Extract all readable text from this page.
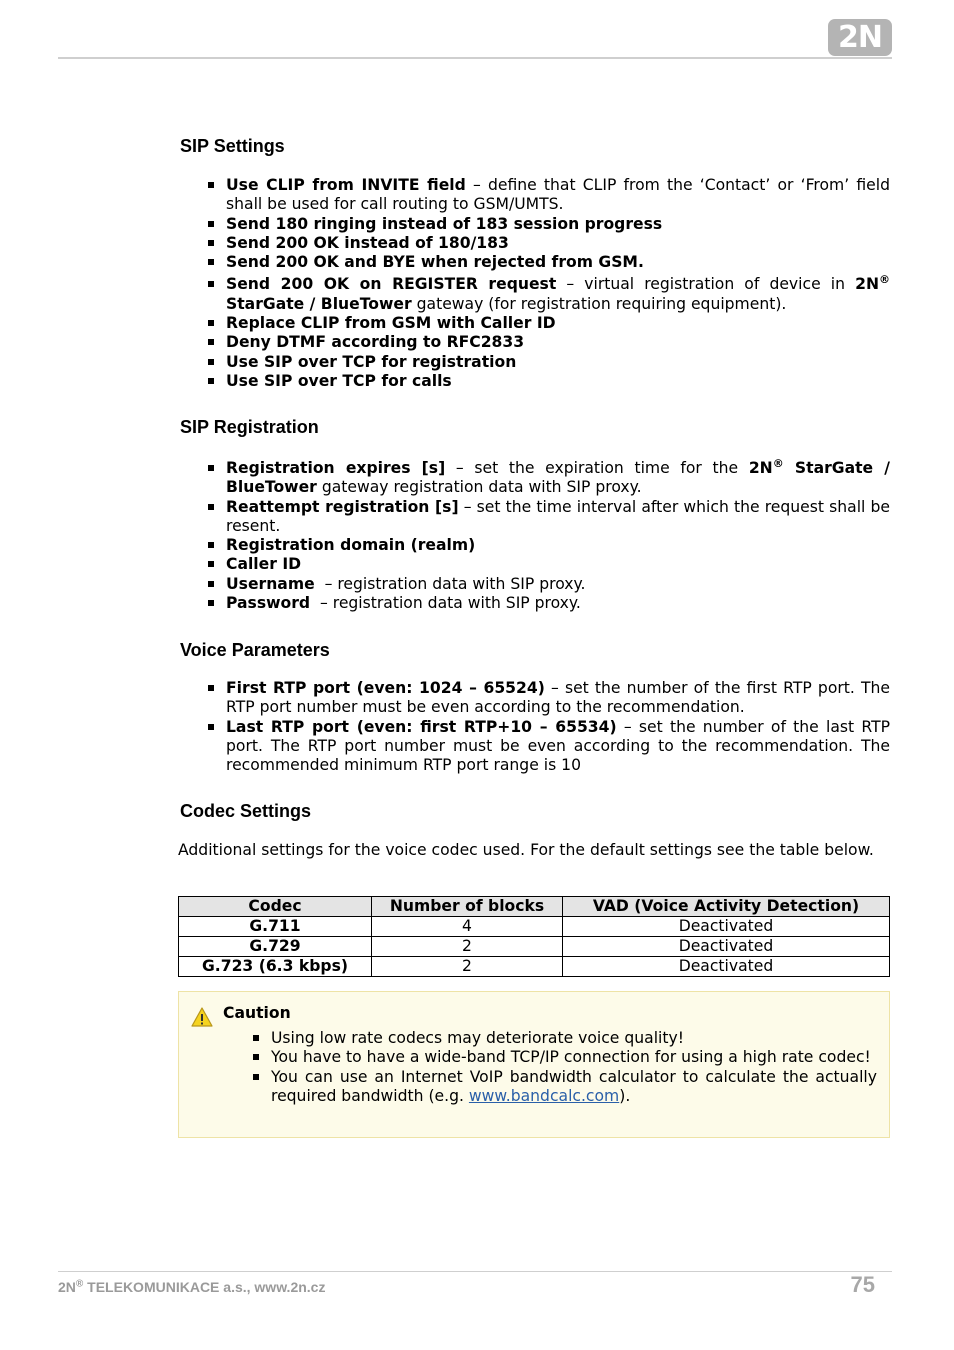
2N
SIP Settings
Use CLIP from INVITE field – define that CLIP from the ‘Contact’ or ‘From’ field shall be used for call routing to GSM/UMTS.
Send 180 ringing instead of 183 session progress
Send 200 OK instead of 180/183
Send 200 OK and BYE when rejected from GSM.
Send 200 OK on REGISTER request – virtual registration of device in 2N® StarGate / BlueTower gateway (for registration requiring equipment).
Replace CLIP from GSM with Caller ID
Deny DTMF according to RFC2833
Use SIP over TCP for registration
Use SIP over TCP for calls
SIP Registration
Registration expires [s] – set the expiration time for the 2N® StarGate / BlueTower gateway registration data with SIP proxy.
Reattempt registration [s] – set the time interval after which the request shall be resent.
Registration domain (realm)
Caller ID
Username  – registration data with SIP proxy.
Password  – registration data with SIP proxy.
Voice Parameters
First RTP port (even: 1024 – 65524) – set the number of the first RTP port. The RTP port number must be even according to the recommendation.
Last RTP port (even: first RTP+10 – 65534) – set the number of the last RTP port. The RTP port number must be even according to the recommendation. The recommended minimum RTP port range is 10
Codec Settings

Additional settings for the voice codec used. For the default settings see the table below.

Codec	Number of blocks	VAD (Voice Activity Detection)
G.711	4	Deactivated
G.729	2	Deactivated
G.723 (6.3 kbps)	2	Deactivated
Caution
Using low rate codecs may deteriorate voice quality!
You have to have a wide-band TCP/IP connection for using a high rate codec!
You can use an Internet VoIP bandwidth calculator to calculate the actually required bandwidth (e.g. www.bandcalc.com).
2N® TELEKOMUNIKACE a.s., www.2n.cz	75
